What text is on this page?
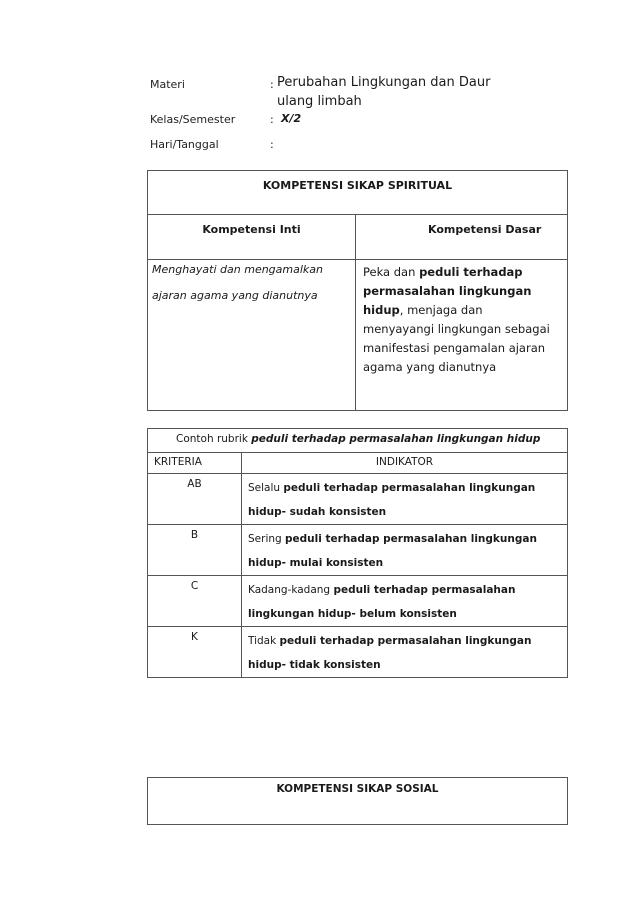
Materi	: Perubahan Lingkungan dan Daur
ulang limbah
Kelas/Semester	: X/2
Hari/Tanggal	:
KOMPETENSI SIKAP SPIRITUAL	
Kompetensi Inti	Kompetensi Dasar

Menghayati dan mengamalkan
ajaran agama yang dianutnya	Peka dan peduli terhadap permasalahan lingkungan hidup, menjaga dan menyayangi lingkungan sebagai manifestasi pengamalan ajaran agama yang dianutnya
Contoh rubrik peduli terhadap permasalahan lingkungan hidup	
KRITERIA	INDIKATOR
AB	Selalu peduli terhadap permasalahan lingkungan hidup- sudah konsisten
B	Sering peduli terhadap permasalahan lingkungan hidup- mulai konsisten
C	Kadang-kadang peduli terhadap permasalahan lingkungan hidup- belum konsisten
K	Tidak peduli terhadap permasalahan lingkungan hidup- tidak konsisten
KOMPETENSI SIKAP SOSIAL
